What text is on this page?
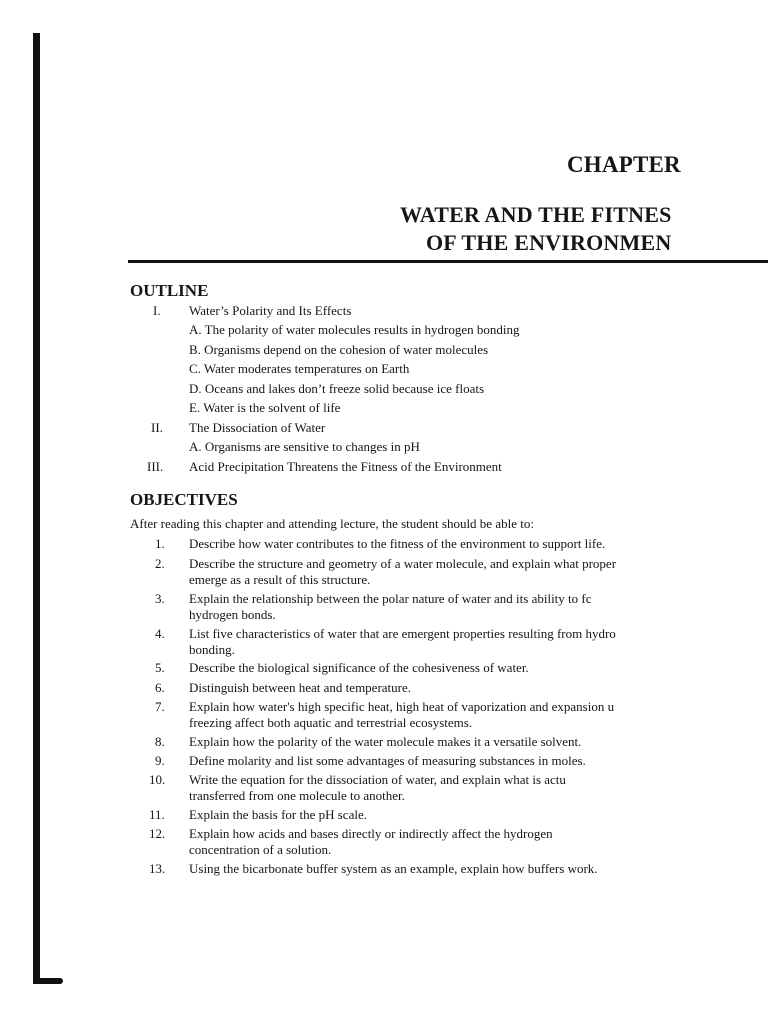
CHAPTER
WATER AND THE FITNES
OF THE ENVIRONMEN
OUTLINE
I. Water’s Polarity and Its Effects
A. The polarity of water molecules results in hydrogen bonding
B. Organisms depend on the cohesion of water molecules
C. Water moderates temperatures on Earth
D. Oceans and lakes don’t freeze solid because ice floats
E. Water is the solvent of life
II. The Dissociation of Water
A. Organisms are sensitive to changes in pH
III. Acid Precipitation Threatens the Fitness of the Environment
OBJECTIVES
After reading this chapter and attending lecture, the student should be able to:
1. Describe how water contributes to the fitness of the environment to support life.
2. Describe the structure and geometry of a water molecule, and explain what proper
emerge as a result of this structure.
3. Explain the relationship between the polar nature of water and its ability to fc
hydrogen bonds.
4. List five characteristics of water that are emergent properties resulting from hydro
bonding.
5. Describe the biological significance of the cohesiveness of water.
6. Distinguish between heat and temperature.
7. Explain how water's high specific heat, high heat of vaporization and expansion u
freezing affect both aquatic and terrestrial ecosystems.
8. Explain how the polarity of the water molecule makes it a versatile solvent.
9. Define molarity and list some advantages of measuring substances in moles.
10. Write the equation for the dissociation of water, and explain what is actu
transferred from one molecule to another.
11. Explain the basis for the pH scale.
12. Explain how acids and bases directly or indirectly affect the hydrogen
concentration of a solution.
13. Using the bicarbonate buffer system as an example, explain how buffers work.
